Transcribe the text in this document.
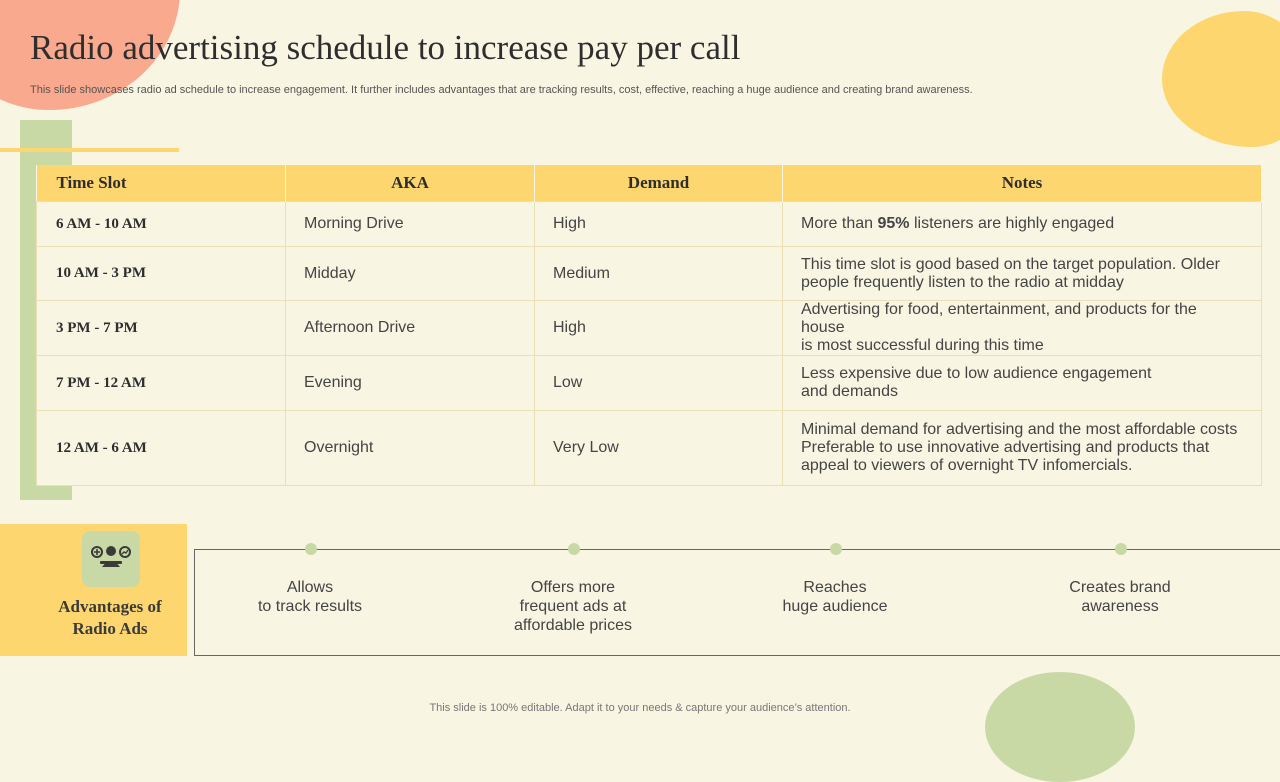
Radio advertising schedule to increase pay per call
This slide showcases radio ad schedule to increase engagement. It further includes advantages that are tracking results, cost, effective, reaching a huge audience and creating brand awareness.
Time Slot	AKA	Demand	Notes
6 AM - 10 AM	Morning Drive	High	More than 95% listeners are highly engaged
10 AM - 3 PM	Midday	Medium	This time slot is good based on the target population. Older
people frequently listen to the radio at midday
3 PM - 7 PM	Afternoon Drive	High	Advertising for food, entertainment, and products for the house
is most successful during this time
7 PM - 12 AM	Evening	Low	Less expensive due to low audience engagement
and demands
12 AM - 6 AM	Overnight	Very Low	Minimal demand for advertising and the most affordable costs
Preferable to use innovative advertising and products that
appeal to viewers of overnight TV infomercials.
Advantages of
Radio Ads
Allows
to track results
Offers more
frequent ads at
affordable prices
Reaches
huge audience
Creates brand
awareness
This slide is 100% editable. Adapt it to your needs & capture your audience’s attention.
